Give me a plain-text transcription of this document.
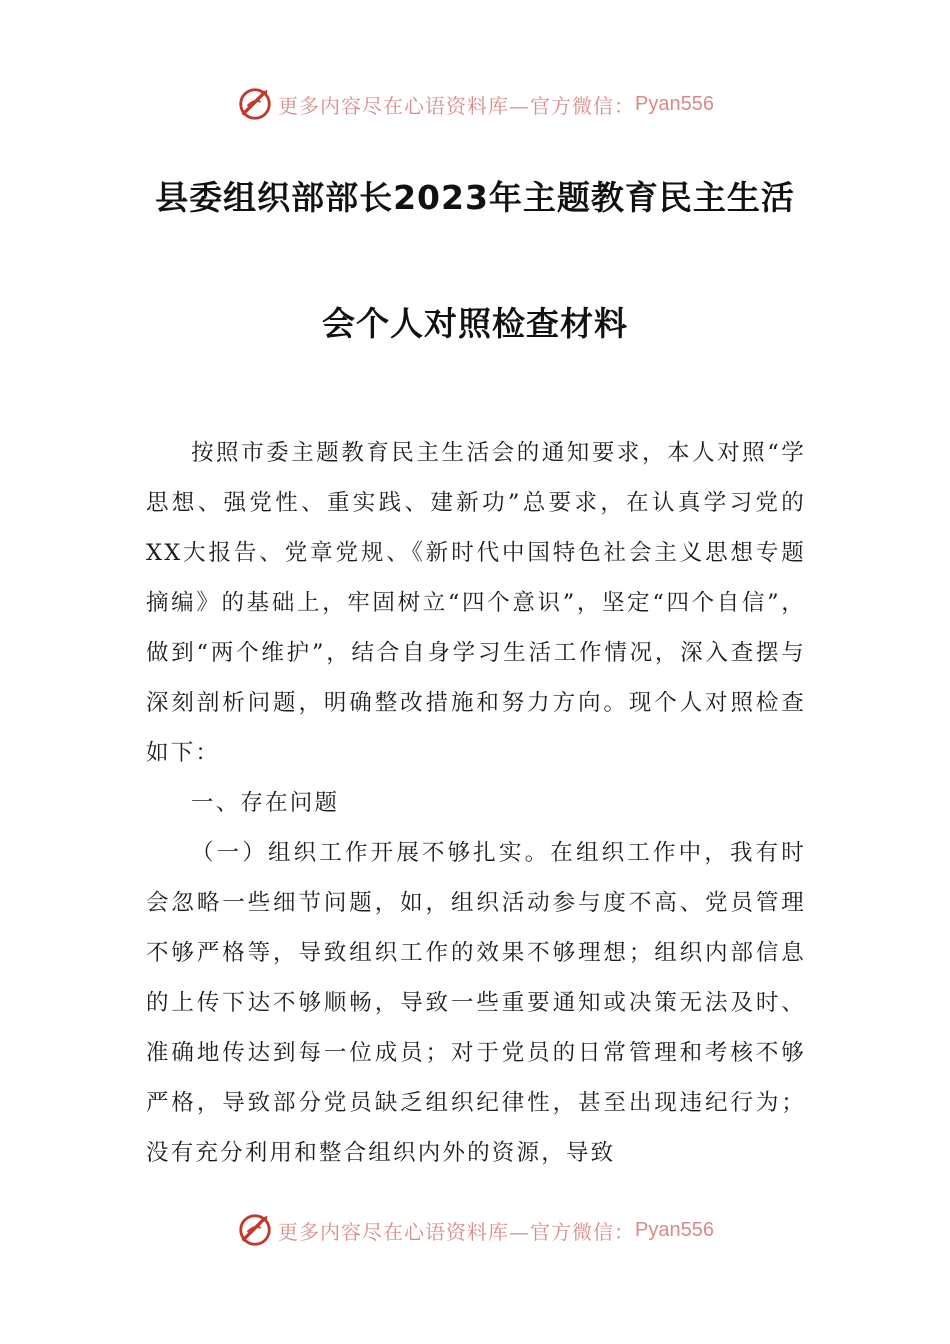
更多内容尽在心语资料库—官方微信： Pyan556
县委组织部部长2023年主题教育民主生活
会个人对照检查材料

按照市委主题教育民主生活会的通知要求，本人对照“学思想、强党性、重实践、建新功”总要求，在认真学习党的XX大报告、党章党规、《新时代中国特色社会主义思想专题摘编》的基础上，牢固树立“四个意识”，坚定“四个自信”，做到“两个维护”，结合自身学习生活工作情况，深入查摆与深刻剖析问题，明确整改措施和努力方向。现个人对照检查如下：

一、存在问题

（一）组织工作开展不够扎实。在组织工作中，我有时会忽略一些细节问题，如，组织活动参与度不高、党员管理不够严格等，导致组织工作的效果不够理想；组织内部信息的上传下达不够顺畅，导致一些重要通知或决策无法及时、准确地传达到每一位成员；对于党员的日常管理和考核不够严格，导致部分党员缺乏组织纪律性，甚至出现违纪行为；没有充分利用和整合组织内外的资源，导致

更多内容尽在心语资料库—官方微信： Pyan556
